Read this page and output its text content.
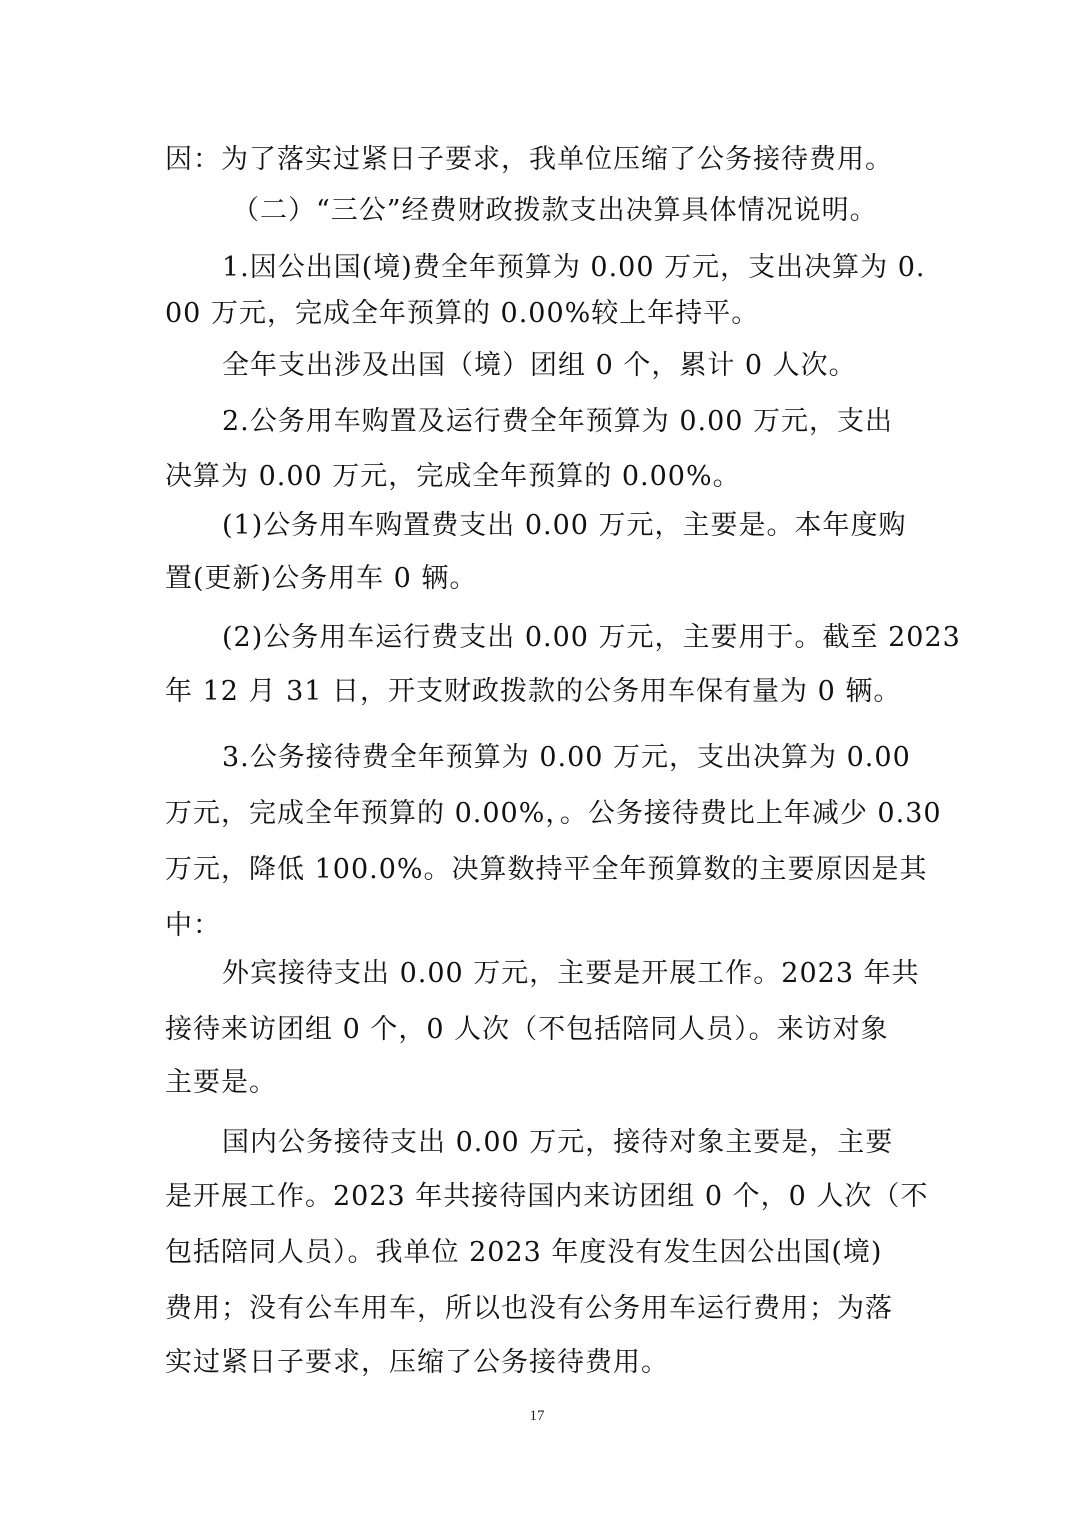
因：为了落实过紧日子要求，我单位压缩了公务接待费用。
（二）“三公”经费财政拨款支出决算具体情况说明。
1.因公出国(境)费全年预算为 0.00 万元，支出决算为 0.
00 万元，完成全年预算的 0.00%较上年持平。
全年支出涉及出国（境）团组 0 个，累计 0 人次。
2.公务用车购置及运行费全年预算为 0.00 万元，支出
决算为 0.00 万元，完成全年预算的 0.00%。
(1)公务用车购置费支出 0.00 万元，主要是。本年度购
置(更新)公务用车 0 辆。
(2)公务用车运行费支出 0.00 万元，主要用于。截至 2023
年 12 月 31 日，开支财政拨款的公务用车保有量为 0 辆。
3.公务接待费全年预算为 0.00 万元，支出决算为 0.00
万元，完成全年预算的 0.00%，。公务接待费比上年减少 0.30
万元，降低 100.0%。决算数持平全年预算数的主要原因是其
中：
外宾接待支出 0.00 万元，主要是开展工作。2023 年共
接待来访团组 0 个，0 人次（不包括陪同人员）。来访对象
主要是。
国内公务接待支出 0.00 万元，接待对象主要是，主要
是开展工作。2023 年共接待国内来访团组 0 个，0 人次（不
包括陪同人员）。我单位 2023 年度没有发生因公出国(境)
费用；没有公车用车，所以也没有公务用车运行费用；为落
实过紧日子要求，压缩了公务接待费用。
17
